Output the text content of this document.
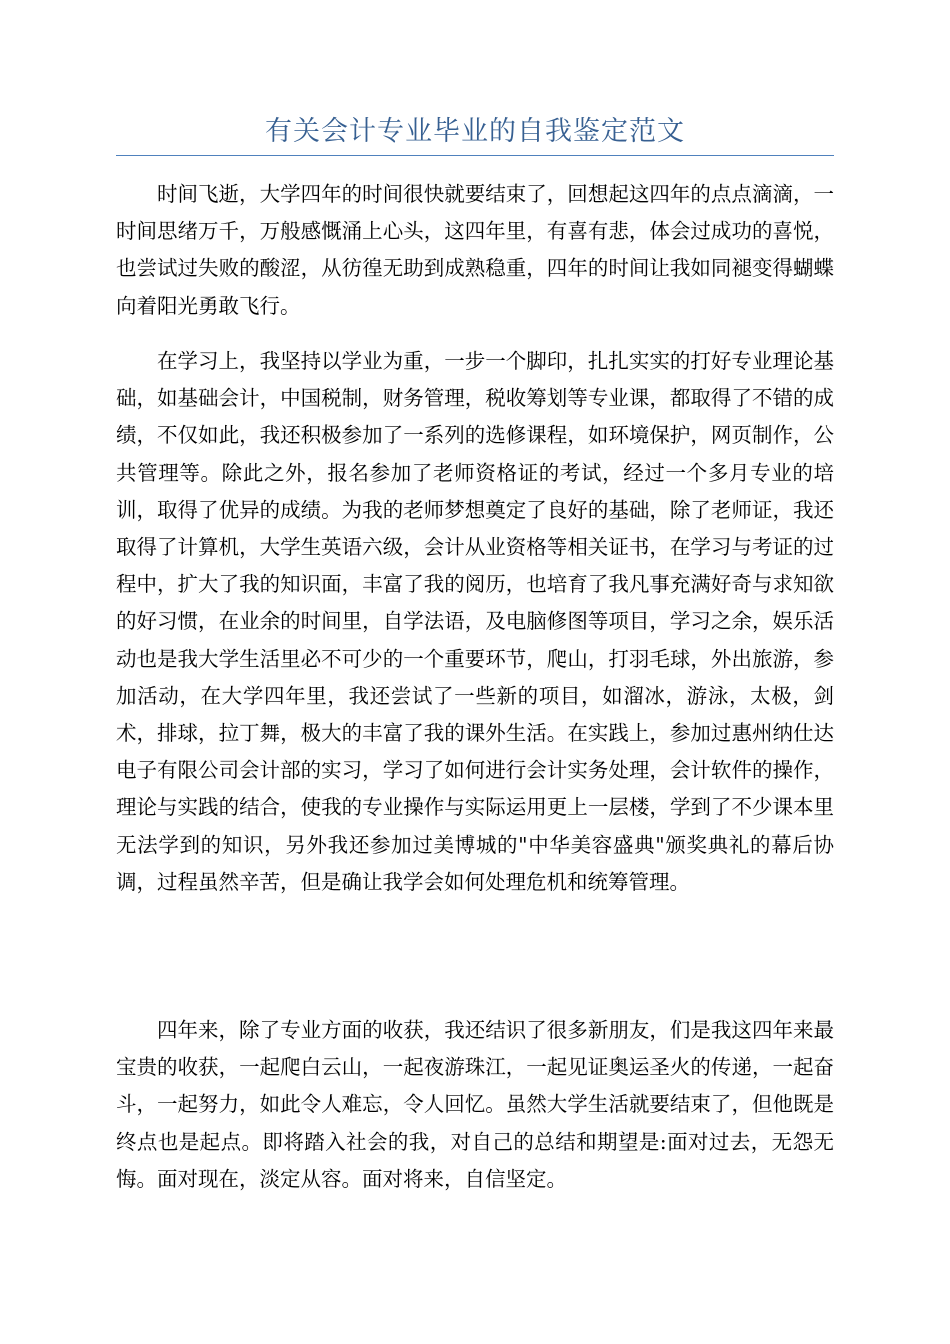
有关会计专业毕业的自我鉴定范文

时间飞逝，大学四年的时间很快就要结束了，回想起这四年的点点滴滴，一时间思绪万千，万般感慨涌上心头，这四年里，有喜有悲，体会过成功的喜悦，也尝试过失败的酸涩，从彷徨无助到成熟稳重，四年的时间让我如同褪变得蝴蝶向着阳光勇敢飞行。

在学习上，我坚持以学业为重，一步一个脚印，扎扎实实的打好专业理论基础，如基础会计，中国税制，财务管理，税收筹划等专业课，都取得了不错的成绩，不仅如此，我还积极参加了一系列的选修课程，如环境保护，网页制作，公共管理等。除此之外，报名参加了老师资格证的考试，经过一个多月专业的培训，取得了优异的成绩。为我的老师梦想奠定了良好的基础，除了老师证，我还取得了计算机，大学生英语六级，会计从业资格等相关证书，在学习与考证的过程中，扩大了我的知识面，丰富了我的阅历，也培育了我凡事充满好奇与求知欲的好习惯，在业余的时间里，自学法语，及电脑修图等项目，学习之余，娱乐活动也是我大学生活里必不可少的一个重要环节，爬山，打羽毛球，外出旅游，参加活动，在大学四年里，我还尝试了一些新的项目，如溜冰，游泳，太极，剑术，排球，拉丁舞，极大的丰富了我的课外生活。在实践上，参加过惠州纳仕达电子有限公司会计部的实习，学习了如何进行会计实务处理，会计软件的操作，理论与实践的结合，使我的专业操作与实际运用更上一层楼，学到了不少课本里无法学到的知识，另外我还参加过美博城的"中华美容盛典"颁奖典礼的幕后协调，过程虽然辛苦，但是确让我学会如何处理危机和统筹管理。

四年来，除了专业方面的收获，我还结识了很多新朋友，们是我这四年来最宝贵的收获，一起爬白云山，一起夜游珠江，一起见证奥运圣火的传递，一起奋斗，一起努力，如此令人难忘，令人回忆。虽然大学生活就要结束了，但他既是终点也是起点。即将踏入社会的我，对自己的总结和期望是:面对过去，无怨无悔。面对现在，淡定从容。面对将来，自信坚定。
